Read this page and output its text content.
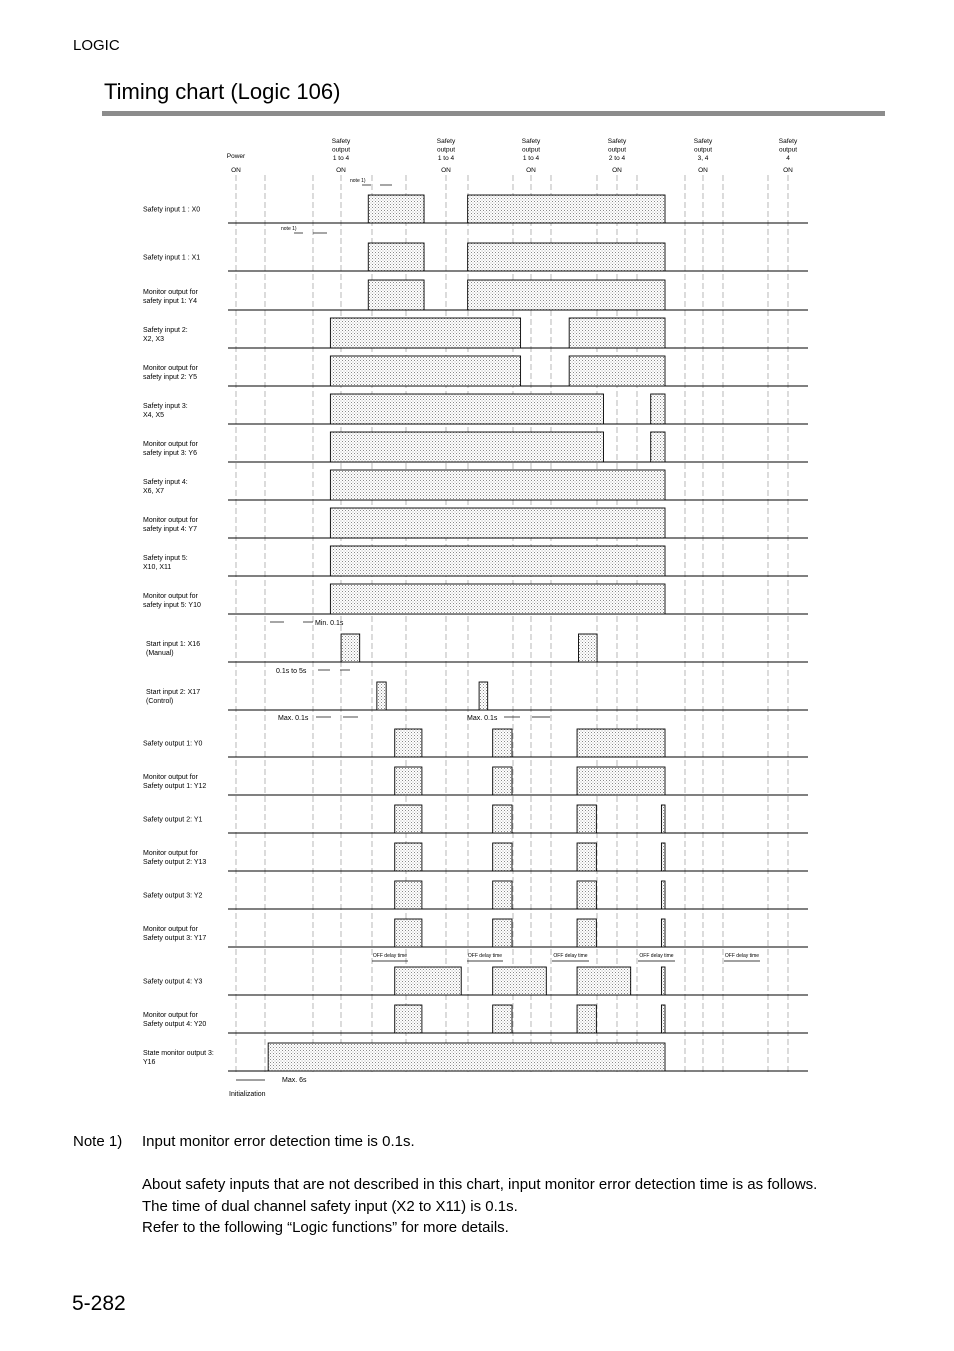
LOGIC
Timing chart (Logic 106)
Power
ON
Safety
output
1 to 4
ON
Safety
output
1 to 4
ON
Safety
output
1 to 4
ON
Safety
output
2 to 4
ON
Safety
output
3, 4
ON
Safety
output
4
ON
Safety input 1 : X0
Safety input 1 : X1
Monitor output for
safety input 1: Y4
Safety input 2:
X2, X3
Monitor output for
safety input 2: Y5
Safety input 3:
X4, X5
Monitor output for
safety input 3: Y6
Safety input 4:
X6, X7
Monitor output for
safety input 4: Y7
Safety input 5:
X10, X11
Monitor output for
safety input 5: Y10
Start input 1: X16
(Manual)
Start input 2: X17
(Control)
Safety output 1: Y0
Monitor output for
Safety output 1: Y12
Safety output 2: Y1
Monitor output for
Safety output 2: Y13
Safety output 3: Y2
Monitor output for
Safety output 3: Y17
Safety output 4: Y3
Monitor output for
Safety output 4: Y20
State monitor output 3:
Y16
note 1)
note 1)
Min. 0.1s
0.1s to 5s
Max. 0.1s	Max. 0.1s
OFF delay time	OFF delay time	OFF delay time	OFF delay time	OFF delay time
Max. 6s
Initialization
Note 1) Input monitor error detection time is 0.1s.
About safety inputs that are not described in this chart, input monitor error detection time is as follows.
The time of dual channel safety input (X2 to X11) is 0.1s.
Refer to the following “Logic functions” for more details.
5-282
